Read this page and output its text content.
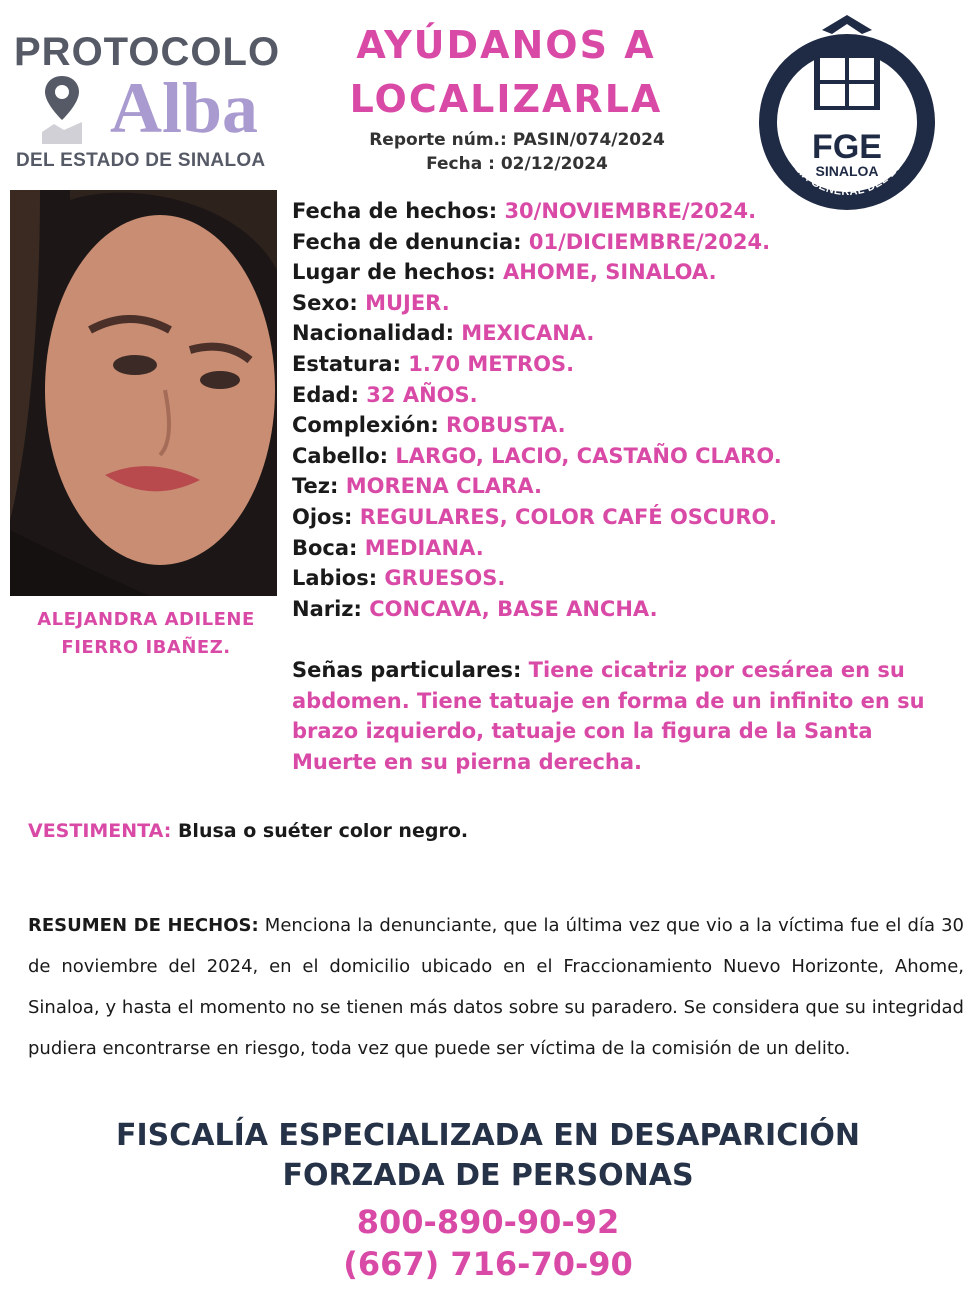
PROTOCOLO
Alba
DEL ESTADO DE SINALOA
AYÚDANOS A
LOCALIZARLA
Reporte núm.: PASIN/074/2024
Fecha : 02/12/2024	FGE
SINALOA
FISCALÍA GENERAL DEL ESTADO
ALEJANDRA ADILENE
FIERRO IBAÑEZ.
Fecha de hechos: 30/NOVIEMBRE/2024.
Fecha de denuncia: 01/DICIEMBRE/2024.
Lugar de hechos: AHOME, SINALOA.
Sexo: MUJER.
Nacionalidad: MEXICANA.
Estatura: 1.70 METROS.
Edad: 32 AÑOS.
Complexión: ROBUSTA.
Cabello: LARGO, LACIO, CASTAÑO CLARO.
Tez: MORENA CLARA.
Ojos: REGULARES, COLOR CAFÉ OSCURO.
Boca: MEDIANA.
Labios: GRUESOS.
Nariz: CONCAVA, BASE ANCHA.
Señas particulares: Tiene cicatriz por cesárea en su abdomen. Tiene tatuaje en forma de un infinito en su brazo izquierdo, tatuaje con la figura de la Santa Muerte en su pierna derecha.
VESTIMENTA: Blusa o suéter color negro.
RESUMEN DE HECHOS: Menciona la denunciante, que la última vez que vio a la víctima fue el día 30 de noviembre del 2024, en el domicilio ubicado en el Fraccionamiento Nuevo Horizonte, Ahome, Sinaloa, y hasta el momento no se tienen más datos sobre su paradero. Se considera que su integridad pudiera encontrarse en riesgo, toda vez que puede ser víctima de la comisión de un delito.
FISCALÍA ESPECIALIZADA EN DESAPARICIÓN
FORZADA DE PERSONAS
800-890-90-92
(667) 716-70-90
